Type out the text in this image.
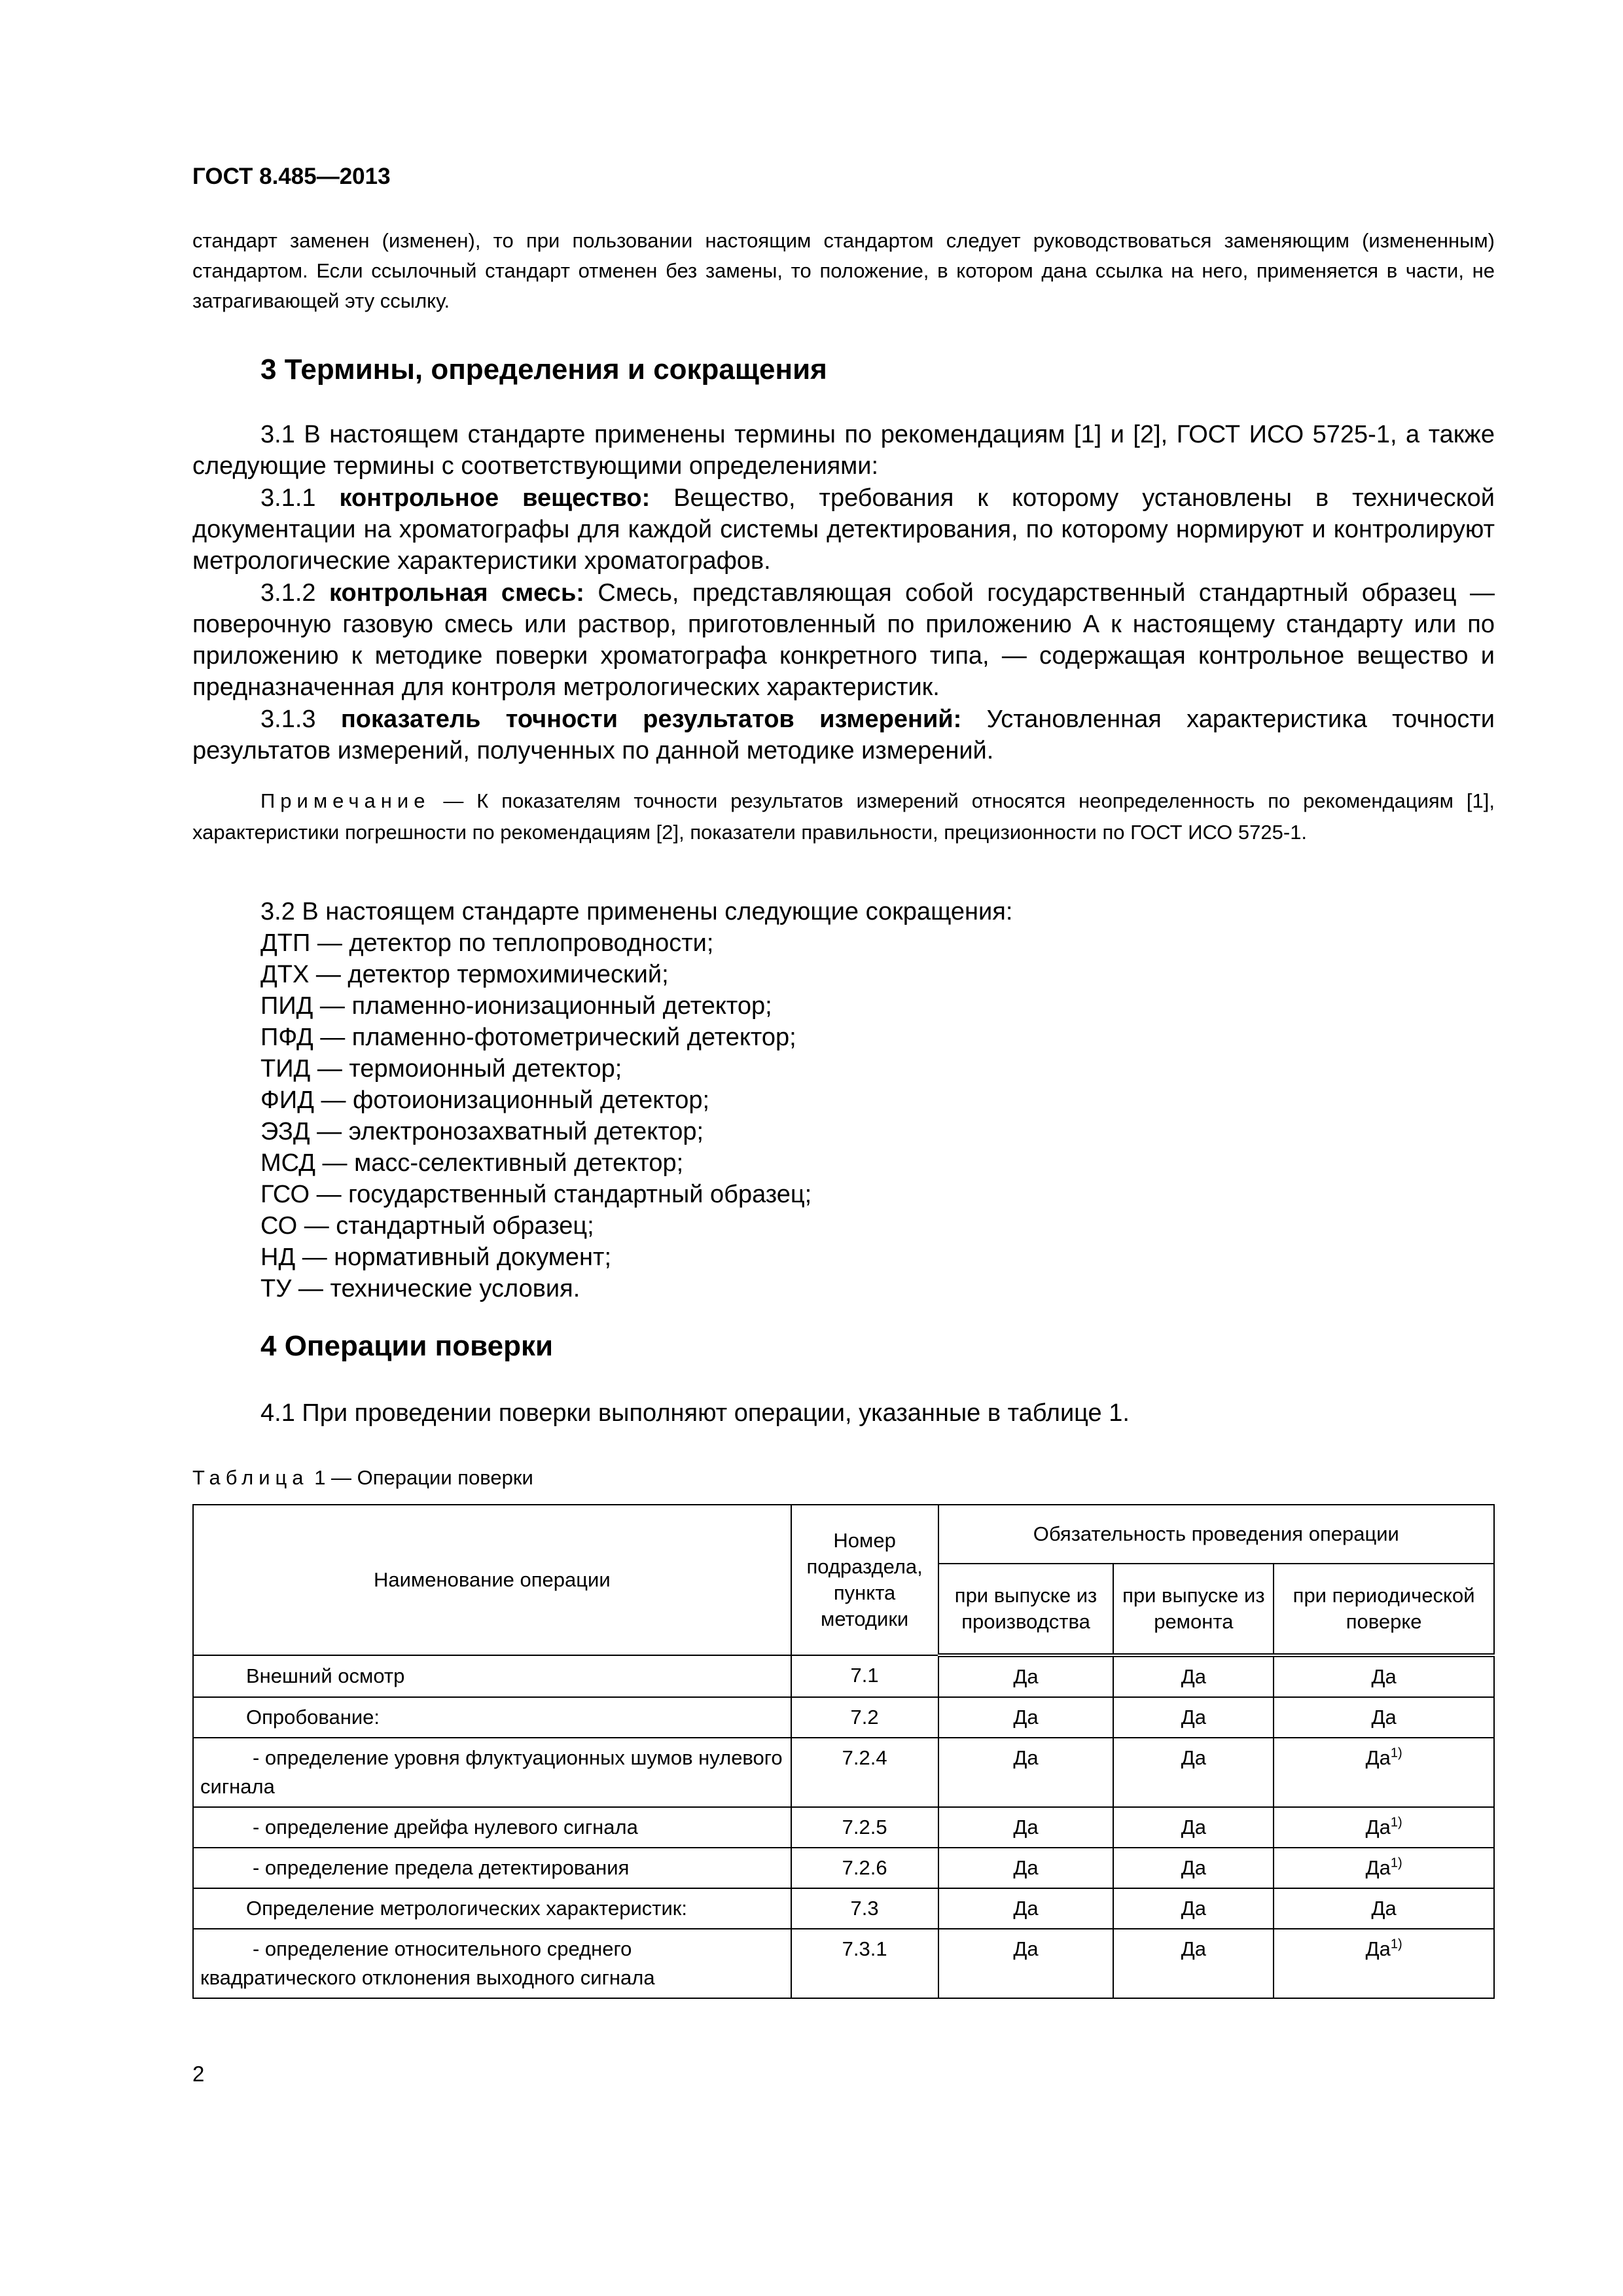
ГОСТ 8.485—2013
стандарт заменен (изменен), то при пользовании настоящим стандартом следует руководствоваться заменяющим (измененным) стандартом. Если ссылочный стандарт отменен без замены, то положение, в котором дана ссылка на него, применяется в части, не затрагивающей эту ссылку.
3 Термины, определения и сокращения
3.1 В настоящем стандарте применены термины по рекомендациям [1] и [2], ГОСТ ИСО 5725-1, а также следующие термины с соответствующими определениями:
3.1.1 контрольное вещество: Вещество, требования к которому установлены в технической документации на хроматографы для каждой системы детектирования, по которому нормируют и контролируют метрологические характеристики хроматографов.
3.1.2 контрольная смесь: Смесь, представляющая собой государственный стандартный образец — поверочную газовую смесь или раствор, приготовленный по приложению А к настоящему стандарту или по приложению к методике поверки хроматографа конкретного типа, — содержащая контрольное вещество и предназначенная для контроля метрологических характеристик.
3.1.3 показатель точности результатов измерений: Установленная характеристика точности результатов измерений, полученных по данной методике измерений.
Примечание — К показателям точности результатов измерений относятся неопределенность по рекомендациям [1], характеристики погрешности по рекомендациям [2], показатели правильности, прецизионности по ГОСТ ИСО 5725-1.
3.2 В настоящем стандарте применены следующие сокращения:
ДТП — детектор по теплопроводности;
ДТХ — детектор термохимический;
ПИД — пламенно-ионизационный детектор;
ПФД — пламенно-фотометрический детектор;
ТИД — термоионный детектор;
ФИД — фотоионизационный детектор;
ЭЗД — электронозахватный детектор;
МСД — масс-селективный детектор;
ГСО — государственный стандартный образец;
СО — стандартный образец;
НД — нормативный документ;
ТУ — технические условия.
4 Операции поверки
4.1 При проведении поверки выполняют операции, указанные в таблице 1.
Таблица 1 — Операции поверки
Наименование операции	Номер подраздела, пункта методики	Обязательность проведения операции		
		при выпуске из производства	при выпуске из ремонта	при периодической поверке
Внешний осмотр	7.1	Да	Да	Да
Опробование:	7.2	Да	Да	Да
- определение уровня флуктуационных шумов нулевого сигнала	7.2.4	Да	Да	$Да^{1)}$
- определение дрейфа нулевого сигнала	7.2.5	Да	Да	$Да^{1)}$
- определение предела детектирования	7.2.6	Да	Да	$Да^{1)}$
Определение метрологических характеристик:	7.3	Да	Да	Да
- определение относительного среднего квадратического отклонения выходного сигнала	7.3.1	Да	Да	$Да^{1)}$
2
